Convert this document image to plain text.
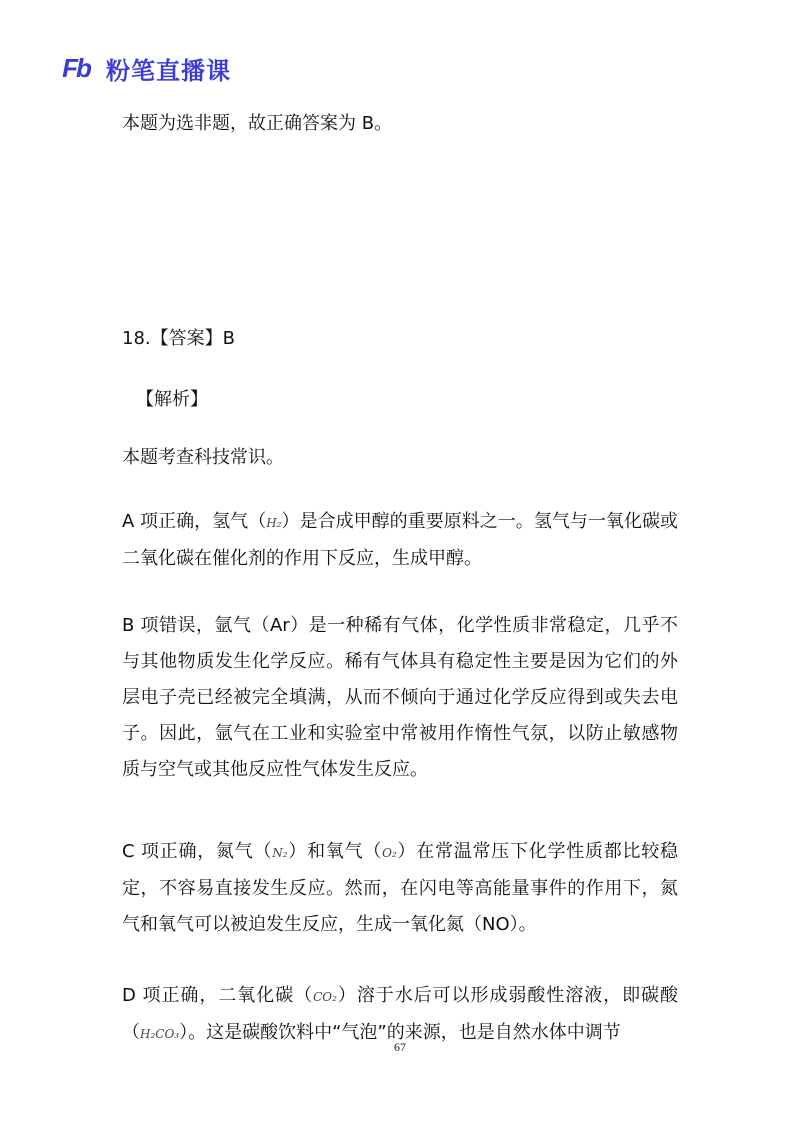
Fb 粉笔直播课

本题为选非题，故正确答案为 B。

18.【答案】B

【解析】

本题考查科技常识。

A 项正确，氢气（H₂）是合成甲醇的重要原料之一。氢气与一氧化碳或二氧化碳在催化剂的作用下反应，生成甲醇。

B 项错误，氩气（Ar）是一种稀有气体，化学性质非常稳定，几乎不与其他物质发生化学反应。稀有气体具有稳定性主要是因为它们的外层电子壳已经被完全填满，从而不倾向于通过化学反应得到或失去电子。因此，氩气在工业和实验室中常被用作惰性气氛，以防止敏感物质与空气或其他反应性气体发生反应。

C 项正确，氮气（N₂）和氧气（O₂）在常温常压下化学性质都比较稳定，不容易直接发生反应。然而，在闪电等高能量事件的作用下，氮气和氧气可以被迫发生反应，生成一氧化氮（NO）。

D 项正确，二氧化碳（CO₂）溶于水后可以形成弱酸性溶液，即碳酸（H₂CO₃）。这是碳酸饮料中“气泡”的来源，也是自然水体中调节

67
